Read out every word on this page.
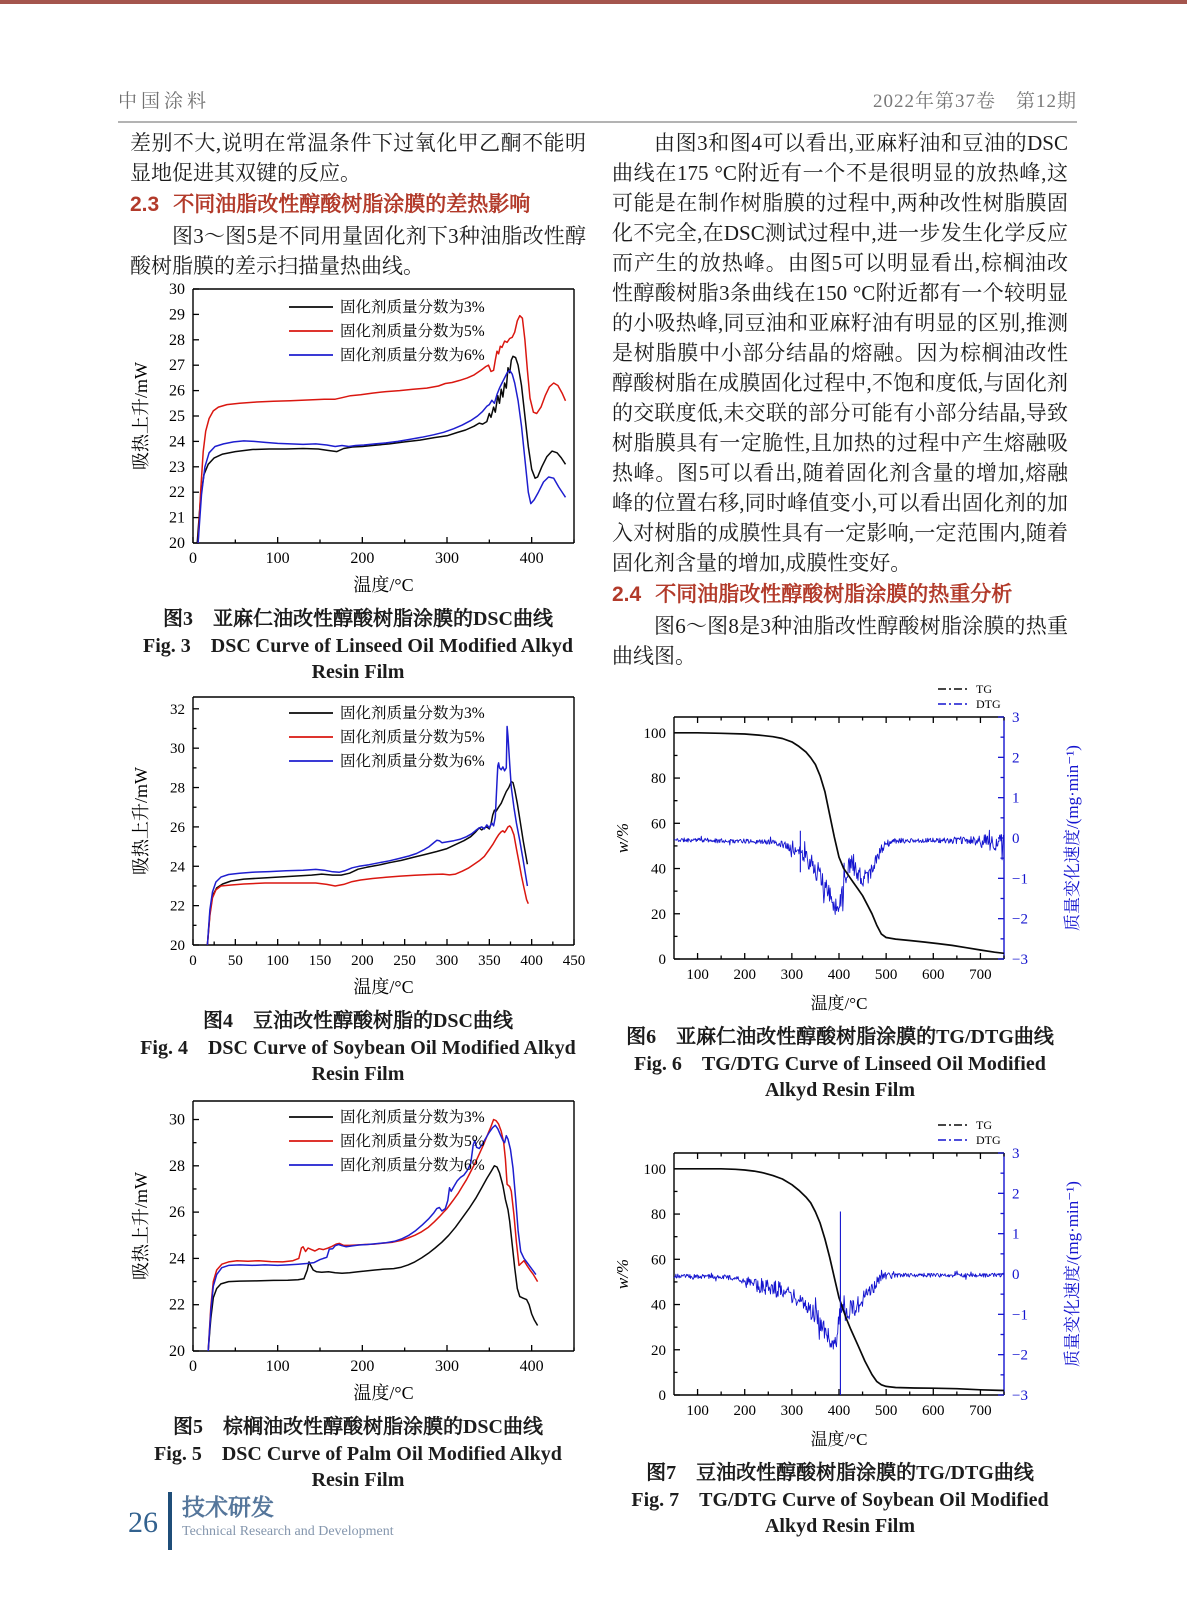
中国涂料	2022年第37卷　第12期

差别不大,说明在常温条件下过氧化甲乙酮不能明显地促进其双键的反应。

2.3 不同油脂改性醇酸树脂涂膜的差热影响

图3～图5是不同用量固化剂下3种油脂改性醇酸树脂膜的差示扫描量热曲线。

0	100	200	300	400
20
21
22
23
24
25
26
27
28
29
30
温度/°C
吸热上升/mW
固化剂质量分数为3%
固化剂质量分数为5%
固化剂质量分数为6%
图3　亚麻仁油改性醇酸树脂涂膜的DSC曲线
Fig. 3　DSC Curve of Linseed Oil Modified Alkyd Resin Film
0 50 100 150 200 250 300 350 400 450
20
22
24
26
28
30
32
温度/°C
吸热上升/mW
固化剂质量分数为3%
固化剂质量分数为5%
固化剂质量分数为6%
图4　豆油改性醇酸树脂的DSC曲线
Fig. 4　DSC Curve of Soybean Oil Modified Alkyd Resin Film
0	100	200	300	400
20
22
24
26
28
30
温度/°C
吸热上升/mW
固化剂质量分数为3%
固化剂质量分数为5%
固化剂质量分数为6%
图5　棕榈油改性醇酸树脂涂膜的DSC曲线
Fig. 5　DSC Curve of Palm Oil Modified Alkyd Resin Film

由图3和图4可以看出,亚麻籽油和豆油的DSC曲线在175 °C附近有一个不是很明显的放热峰,这可能是在制作树脂膜的过程中,两种改性树脂膜固化不完全,在DSC测试过程中,进一步发生化学反应而产生的放热峰。由图5可以明显看出,棕榈油改性醇酸树脂3条曲线在150 °C附近都有一个较明显的小吸热峰,同豆油和亚麻籽油有明显的区别,推测是树脂膜中小部分结晶的熔融。因为棕榈油改性醇酸树脂在成膜固化过程中,不饱和度低,与固化剂的交联度低,未交联的部分可能有小部分结晶,导致树脂膜具有一定脆性,且加热的过程中产生熔融吸热峰。图5可以看出,随着固化剂含量的增加,熔融峰的位置右移,同时峰值变小,可以看出固化剂的加入对树脂的成膜性具有一定影响,一定范围内,随着固化剂含量的增加,成膜性变好。

2.4 不同油脂改性醇酸树脂涂膜的热重分析

图6～图8是3种油脂改性醇酸树脂涂膜的热重曲线图。

100 200 300 400 500 600 700
0
20
40
60
80
100
3
2
1
0
−1
−2
−3
温度/°C
w/%	质量变化速度/(mg·min⁻¹)
TG
DTG
图6　亚麻仁油改性醇酸树脂涂膜的TG/DTG曲线
Fig. 6　TG/DTG Curve of Linseed Oil Modified Alkyd Resin Film
100 200 300 400 500 600 700
0
20
40
60
80
100
3
2
1
0
−1
−2
−3
温度/°C
w/%	质量变化速度/(mg·min⁻¹)
TG
DTG
图7　豆油改性醇酸树脂涂膜的TG/DTG曲线
Fig. 7　TG/DTG Curve of Soybean Oil Modified Alkyd Resin Film
26 技术研发
Technical Research and Development
